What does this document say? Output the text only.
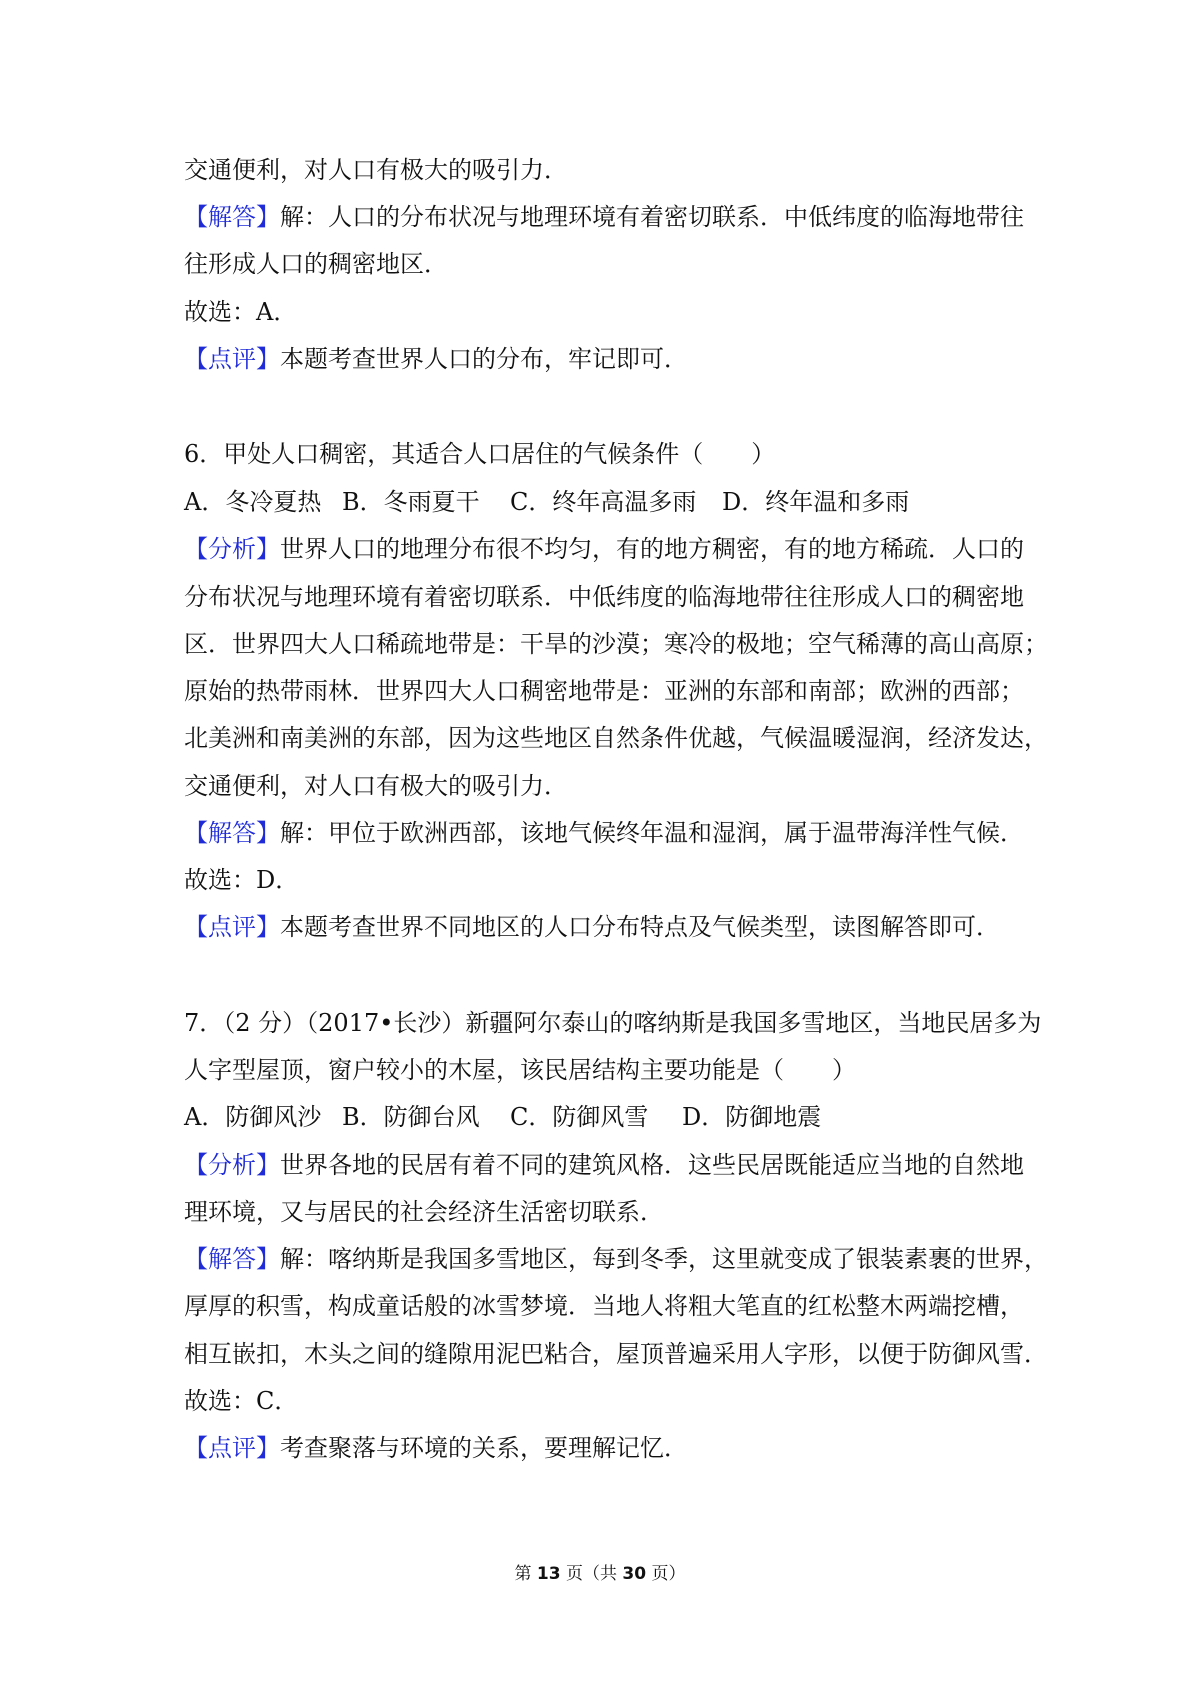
交通便利，对人口有极大的吸引力．
【解答】解：人口的分布状况与地理环境有着密切联系．中低纬度的临海地带往
往形成人口的稠密地区．
故选：A．
【点评】本题考查世界人口的分布，牢记即可．
6．甲处人口稠密，其适合人口居住的气候条件（　　）
A．冬冷夏热 B．冬雨夏干 C．终年高温多雨 D．终年温和多雨
【分析】世界人口的地理分布很不均匀，有的地方稠密，有的地方稀疏．人口的
分布状况与地理环境有着密切联系．中低纬度的临海地带往往形成人口的稠密地
区．世界四大人口稀疏地带是：干旱的沙漠；寒冷的极地；空气稀薄的高山高原；
原始的热带雨林．世界四大人口稠密地带是：亚洲的东部和南部；欧洲的西部；
北美洲和南美洲的东部，因为这些地区自然条件优越，气候温暖湿润，经济发达，
交通便利，对人口有极大的吸引力．
【解答】解：甲位于欧洲西部，该地气候终年温和湿润，属于温带海洋性气候．
故选：D．
【点评】本题考查世界不同地区的人口分布特点及气候类型，读图解答即可．
7．（2 分）（2017•长沙）新疆阿尔泰山的喀纳斯是我国多雪地区，当地民居多为
人字型屋顶，窗户较小的木屋，该民居结构主要功能是（　　）
A．防御风沙 B．防御台风 C．防御风雪 D．防御地震
【分析】世界各地的民居有着不同的建筑风格．这些民居既能适应当地的自然地
理环境，又与居民的社会经济生活密切联系．
【解答】解：喀纳斯是我国多雪地区，每到冬季，这里就变成了银装素裹的世界，
厚厚的积雪，构成童话般的冰雪梦境．当地人将粗大笔直的红松整木两端挖槽，
相互嵌扣，木头之间的缝隙用泥巴粘合，屋顶普遍采用人字形，以便于防御风雪．
故选：C．
【点评】考查聚落与环境的关系，要理解记忆．
第 13 页（共 30 页）
